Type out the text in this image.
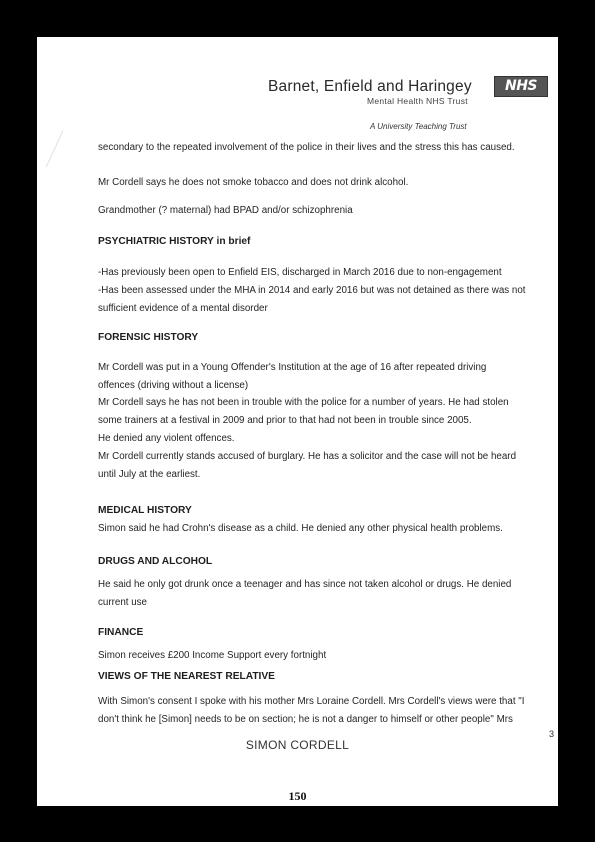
Barnet, Enfield and Haringey	NHS
Mental Health NHS Trust
A University Teaching Trust
secondary to the repeated involvement of the police in their lives and the stress this has caused.
Mr Cordell says he does not smoke tobacco and does not drink alcohol.
Grandmother (? maternal) had BPAD and/or schizophrenia
PSYCHIATRIC HISTORY in brief
-Has previously been open to Enfield EIS, discharged in March 2016 due to non-engagement
-Has been assessed under the MHA in 2014 and early 2016 but was not detained as there was not
sufficient evidence of a mental disorder
FORENSIC HISTORY
Mr Cordell was put in a Young Offender's Institution at the age of 16 after repeated driving
offences (driving without a license)
Mr Cordell says he has not been in trouble with the police for a number of years. He had stolen
some trainers at a festival in 2009 and prior to that had not been in trouble since 2005.
He denied any violent offences.
Mr Cordell currently stands accused of burglary. He has a solicitor and the case will not be heard
until July at the earliest.
MEDICAL HISTORY
Simon said he had Crohn's disease as a child. He denied any other physical health problems.
DRUGS AND ALCOHOL
He said he only got drunk once a teenager and has since not taken alcohol or drugs. He denied
current use
FINANCE
Simon receives £200 Income Support every fortnight
VIEWS OF THE NEAREST RELATIVE
With Simon's consent I spoke with his mother Mrs Loraine Cordell. Mrs Cordell's views were that "I
don't think he [Simon] needs to be on section; he is not a danger to himself or other people" Mrs
3
SIMON CORDELL
150
